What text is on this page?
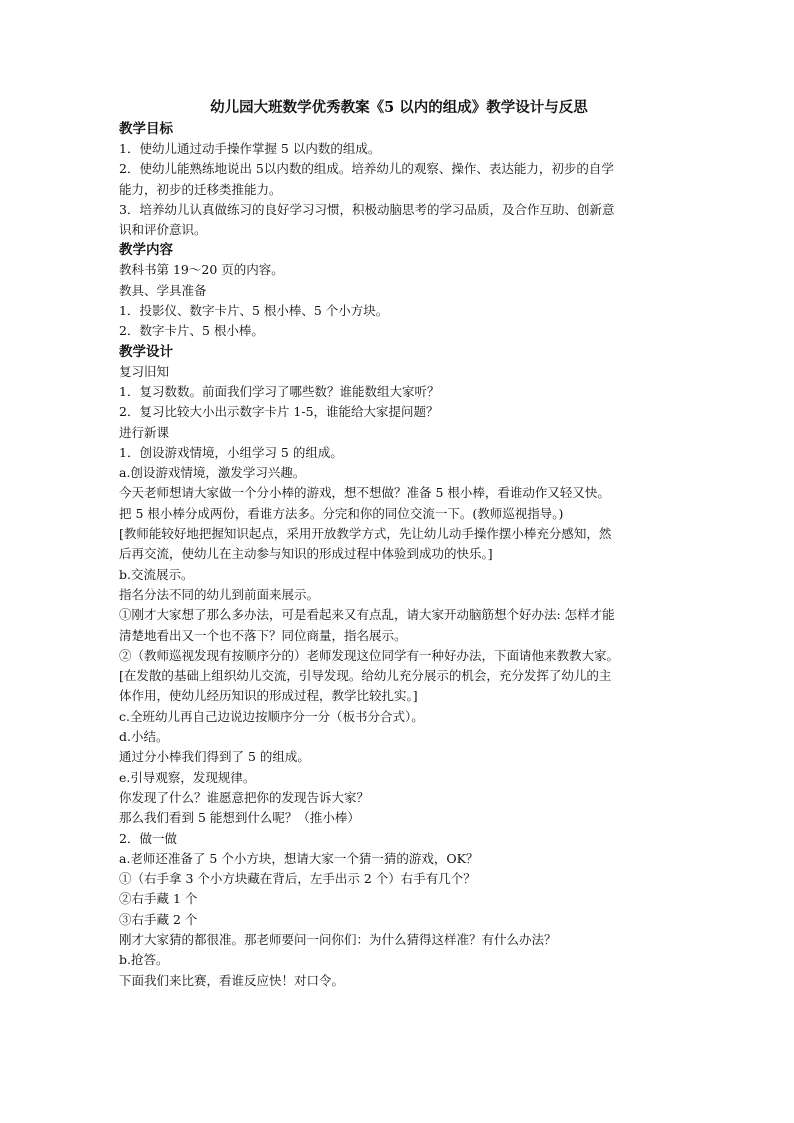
幼儿园大班数学优秀教案《5 以内的组成》教学设计与反思
教学目标
1．使幼儿通过动手操作掌握 5 以内数的组成。
2．使幼儿能熟练地说出 5以内数的组成。培养幼儿的观察、操作、表达能力，初步的自学
能力，初步的迁移类推能力。
3．培养幼儿认真做练习的良好学习习惯，积极动脑思考的学习品质，及合作互助、创新意
识和评价意识。
教学内容
教科书第 19～20 页的内容。
教具、学具准备
1．投影仪、数字卡片、5 根小棒、5 个小方块。
2．数字卡片、5 根小棒。
教学设计
复习旧知
1．复习数数。前面我们学习了哪些数？谁能数组大家听？
2．复习比较大小出示数字卡片 1-5，谁能给大家提问题？
进行新课
1．创设游戏情境，小组学习 5 的组成。
a.创设游戏情境，激发学习兴趣。
今天老师想请大家做一个分小棒的游戏，想不想做？准备 5 根小棒，看谁动作又轻又快。
把 5 根小棒分成两份，看谁方法多。分完和你的同位交流一下。(教师巡视指导。)
[教师能较好地把握知识起点，采用开放教学方式，先让幼儿动手操作摆小棒充分感知，然
后再交流，使幼儿在主动参与知识的形成过程中体验到成功的快乐。]
b.交流展示。
指名分法不同的幼儿到前面来展示。
①刚才大家想了那么多办法，可是看起来又有点乱，请大家开动脑筋想个好办法: 怎样才能
清楚地看出又一个也不落下？同位商量，指名展示。
②（教师巡视发现有按顺序分的）老师发现这位同学有一种好办法，下面请他来教教大家。
[在发散的基础上组织幼儿交流，引导发现。给幼儿充分展示的机会，充分发挥了幼儿的主
体作用，使幼儿经历知识的形成过程，教学比较扎实。]
c.全班幼儿再自己边说边按顺序分一分（板书分合式）。
d.小结。
通过分小棒我们得到了 5 的组成。
e.引导观察，发现规律。
你发现了什么？谁愿意把你的发现告诉大家？
那么我们看到 5 能想到什么呢？（推小棒）
2．做一做
a.老师还准备了 5 个小方块，想请大家一个猜一猜的游戏，OK？
①（右手拿 3 个小方块藏在背后，左手出示 2 个）右手有几个？
②右手藏 1 个
③右手藏 2 个
刚才大家猜的都很准。那老师要问一问你们：为什么猜得这样准？有什么办法？
b.抢答。
下面我们来比赛，看谁反应快！对口令。
